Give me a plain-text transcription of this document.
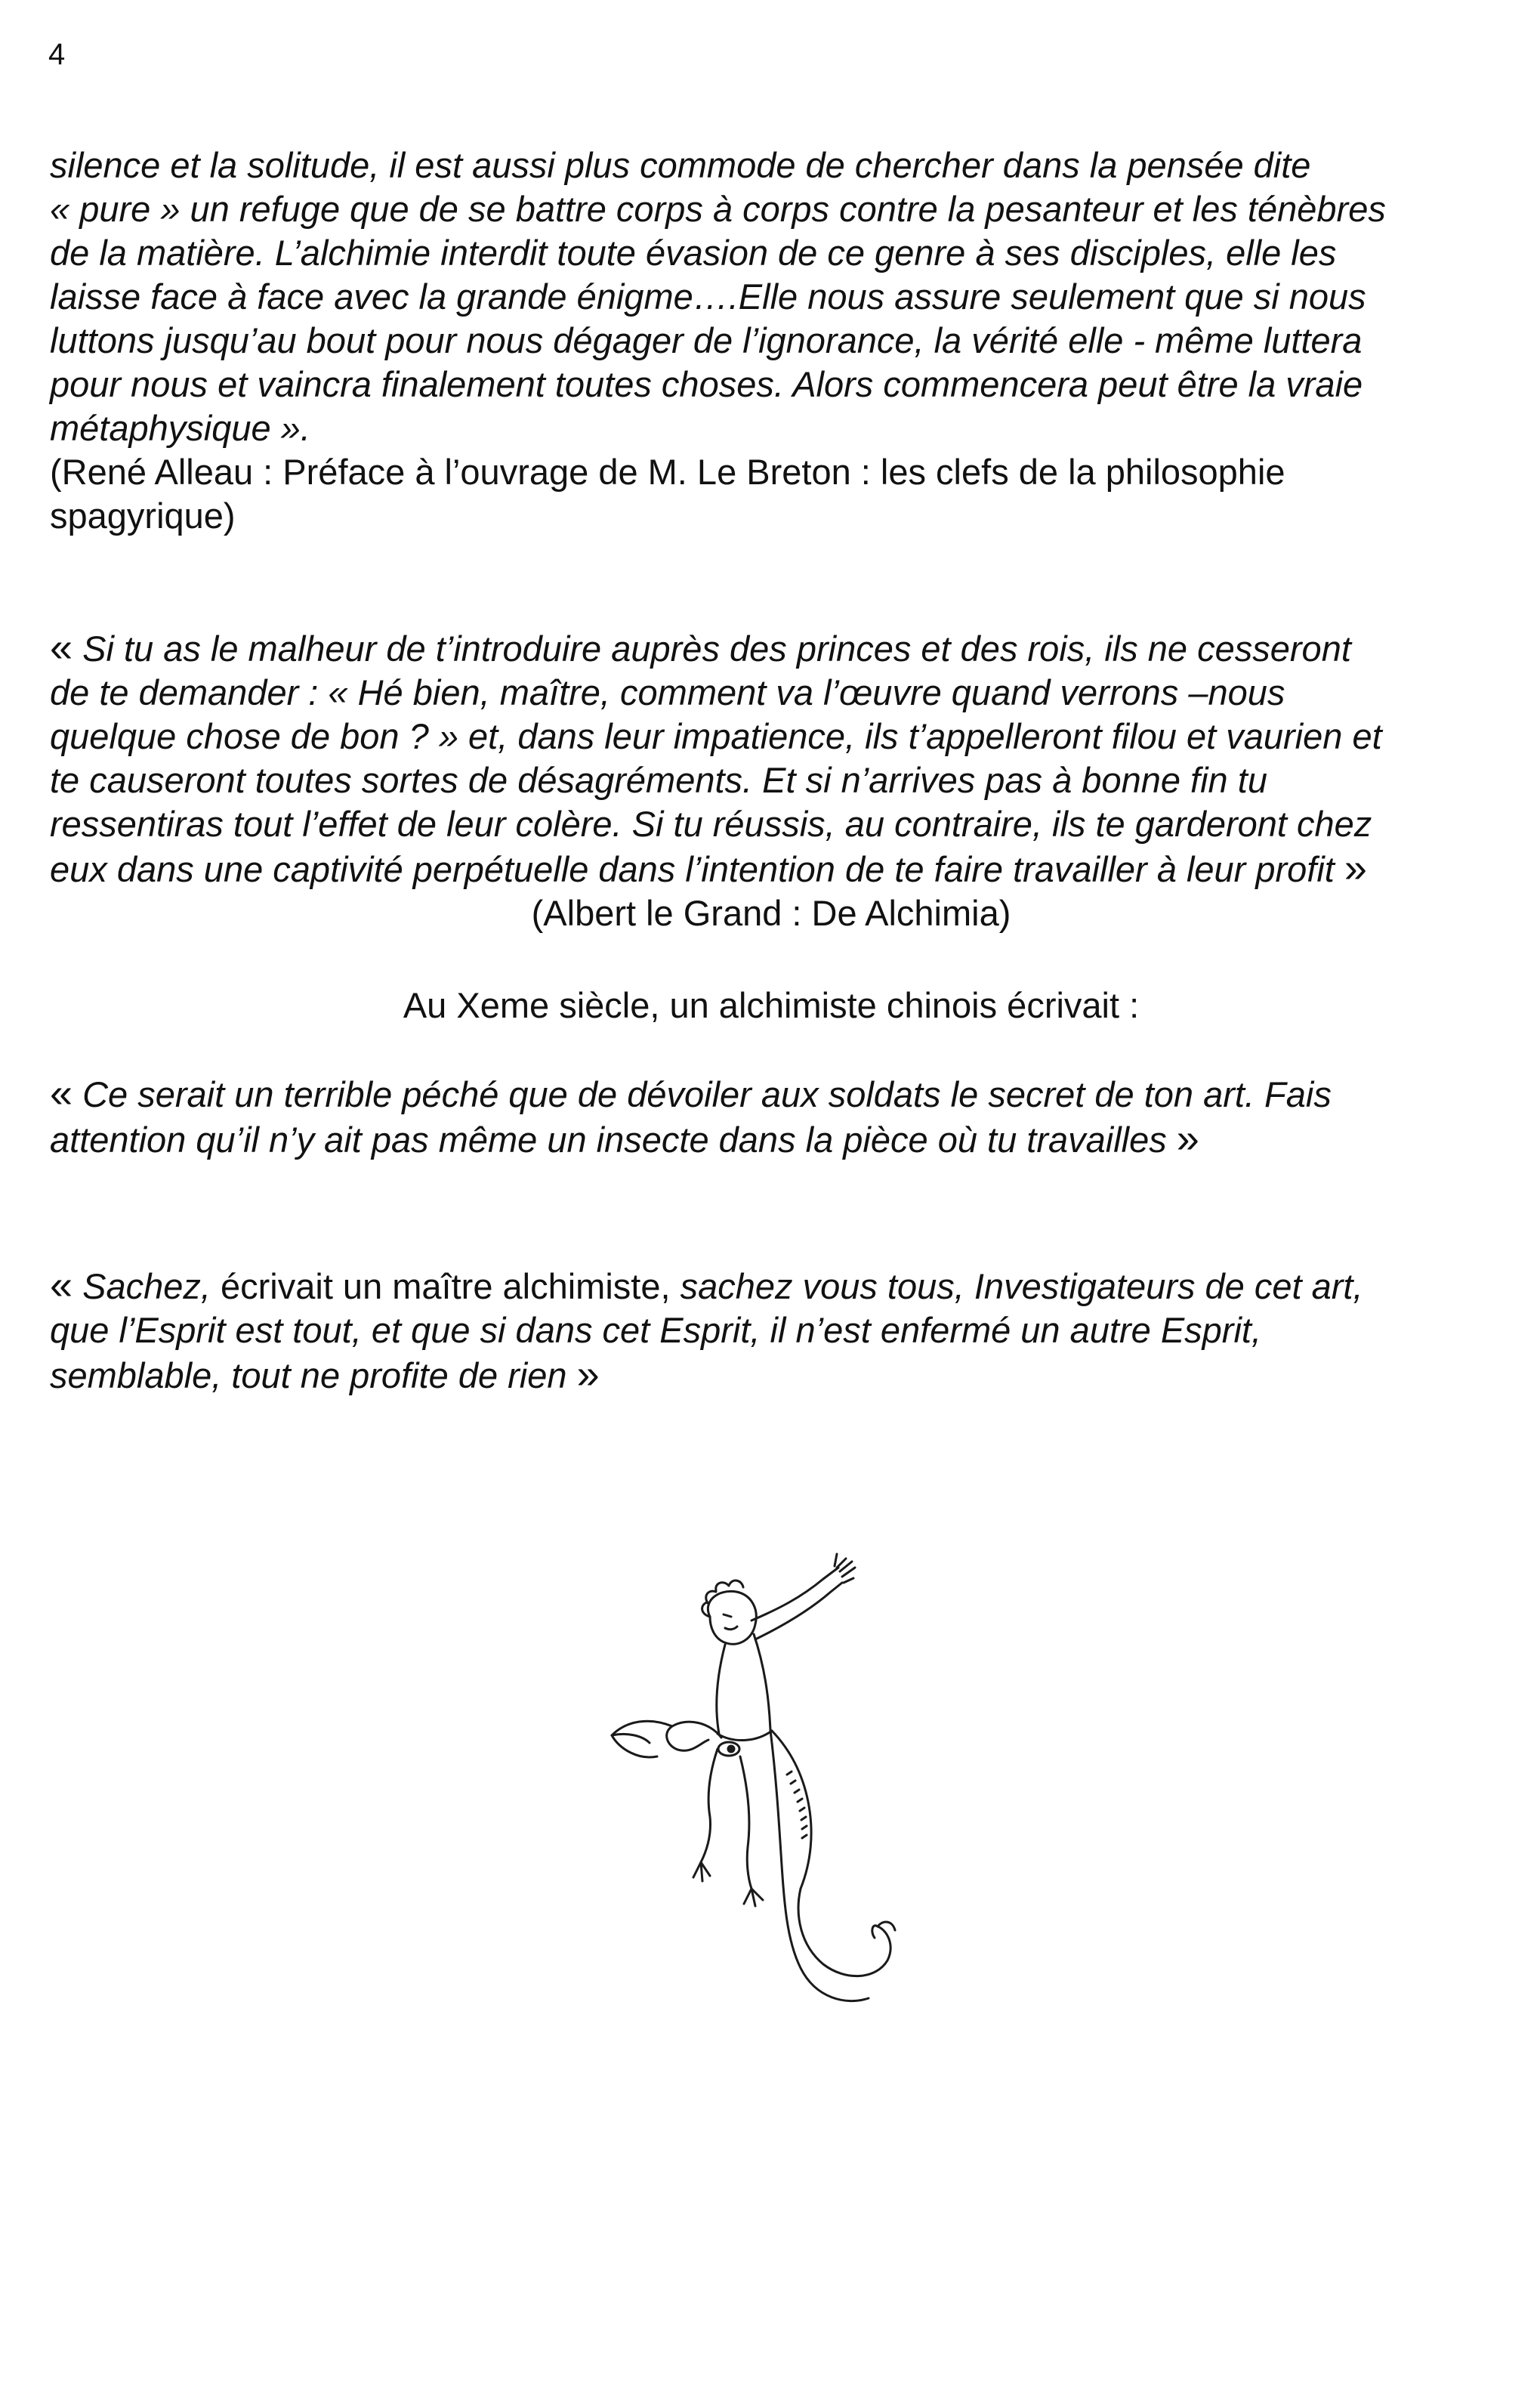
4
silence et la solitude, il est aussi plus commode de chercher dans la pensée dite
« pure » un refuge que de se battre corps à corps contre la pesanteur et les ténèbres
de la matière. L’alchimie interdit toute évasion de ce genre à ses disciples, elle les
laisse face à face avec la grande énigme….Elle nous assure seulement que si nous
luttons jusqu’au bout pour nous dégager de l’ignorance, la vérité elle - même luttera
pour nous et vaincra finalement toutes choses. Alors commencera peut être la vraie
métaphysique ».
(René Alleau : Préface à l’ouvrage de M. Le Breton : les clefs de la philosophie
spagyrique)
« Si tu as le malheur de t’introduire auprès des princes et des rois, ils ne cesseront
de te demander : « Hé bien, maître, comment va l’œuvre quand verrons –nous
quelque chose de bon ? » et, dans leur impatience, ils t’appelleront filou et vaurien et
te causeront toutes sortes de désagréments. Et si n’arrives pas à bonne fin tu
ressentiras tout l’effet de leur colère. Si tu réussis, au contraire, ils te garderont chez
eux dans une captivité perpétuelle dans l’intention de te faire travailler à leur profit »
(Albert le Grand : De Alchimia)
Au Xeme siècle, un alchimiste chinois écrivait :
« Ce serait un terrible péché que de dévoiler aux soldats le secret de ton art. Fais
attention qu’il n’y ait pas même un insecte dans la pièce où tu travailles »
« Sachez, écrivait un maître alchimiste, sachez vous tous, Investigateurs de cet art,
que l’Esprit est tout, et que si dans cet Esprit, il n’est enfermé un autre Esprit,
semblable, tout ne profite de rien »
